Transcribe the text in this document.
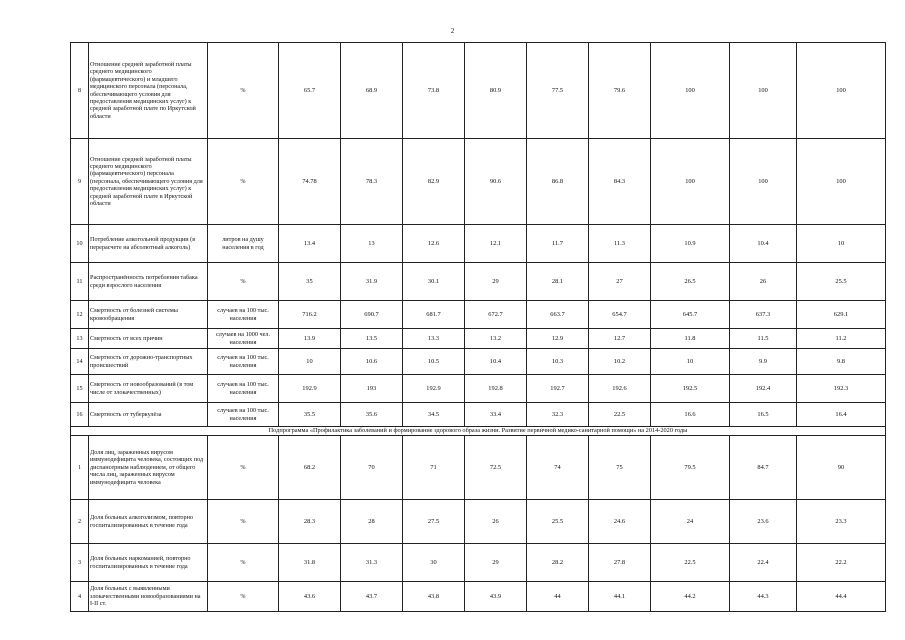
2
8	Отношение средней заработной платы среднего медицинского (фармацевтического) и младшего медицинского персонала (персонала, обеспечивающего условия для предоставления медицинских услуг) к средней заработной плате по Иркутской области	%	65.7	68.9	73.8	80.9	77.5	79.6	100	100	100
9	Отношение средней заработной платы среднего медицинского (фармацевтического) персонала (персонала, обеспечивающего условия для предоставления медицинских услуг) к средней заработной плате в Иркутской области	%	74.78	78.3	82.9	90.6	86.8	84.3	100	100	100
10	Потребление алкогольной продукции (в перерасчете на абсолютный алкоголь)	литров на душу населения в год	13.4	13	12.6	12.1	11.7	11.3	10.9	10.4	10
11	Распространённость потребления табака среди взрослого населения	%	35	31.9	30.1	29	28.1	27	26.5	26	25.5
12	Смертность от болезней системы кровообращения	случаев на 100 тыс. населения	716.2	690.7	681.7	672.7	663.7	654.7	645.7	637.3	629.1
13	Смертность от всех причин	случаев на 1000 чел. населения	13.9	13.5	13.3	13.2	12.9	12.7	11.8	11.5	11.2
14	Смертность от дорожно-транспортных происшествий	случаев на 100 тыс. населения	10	10.6	10.5	10.4	10.3	10.2	10	9.9	9.8
15	Смертность от новообразований (в том числе от злокачественных)	случаев на 100 тыс. населения	192.9	193	192.9	192.8	192.7	192.6	192.5	192.4	192.3
16	Смертность от туберкулёза	случаев на 100 тыс. населения	35.5	35.6	34.5	33.4	32.3	22.5	16.6	16.5	16.4
Подпрограмма «Профилактика заболеваний и формирование здорового образа жизни. Развитие первичной медико-санитарной помощи» на 2014-2020 годы											
1	Доля лиц, зараженных вирусом иммунодефицита человека, состоящих под диспансерным наблюдением, от общего числа лиц, зараженных вирусом иммунодефицита человека	%	68.2	70	71	72.5	74	75	79.5	84.7	90
2	Доля больных алкоголизмом, повторно госпитализированных в течение года	%	28.3	28	27.5	26	25.5	24.6	24	23.6	23.3
3	Доля больных наркоманией, повторно госпитализированных в течение года	%	31.8	31.3	30	29	28.2	27.8	22.5	22.4	22.2
4	Доля больных с выявленными злокачественными новообразованиями на I-II ст.	%	43.6	43.7	43.8	43.9	44	44.1	44.2	44.3	44.4
